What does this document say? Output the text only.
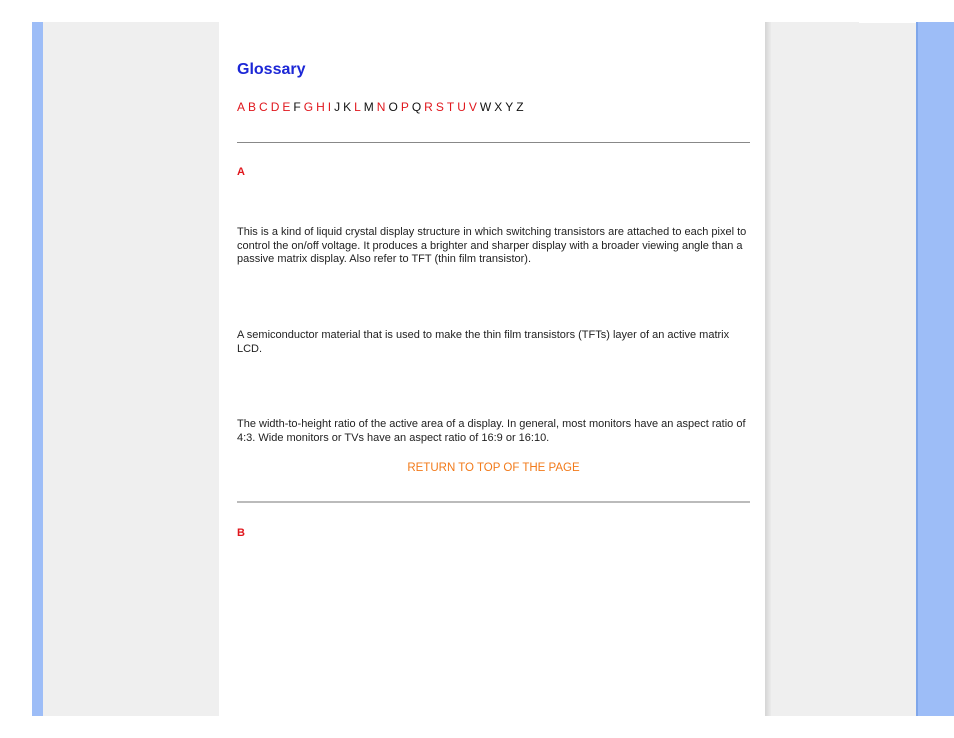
Glossary
A B C D E F G H I J K L M N O P Q R S T U V W X Y Z
A
This is a kind of liquid crystal display structure in which switching transistors are attached to each pixel to control the on/off voltage. It produces a brighter and sharper display with a broader viewing angle than a passive matrix display. Also refer to TFT (thin film transistor).
A semiconductor material that is used to make the thin film transistors (TFTs) layer of an active matrix LCD.
The width-to-height ratio of the active area of a display. In general, most monitors have an aspect ratio of 4:3. Wide monitors or TVs have an aspect ratio of 16:9 or 16:10.
RETURN TO TOP OF THE PAGE
B
